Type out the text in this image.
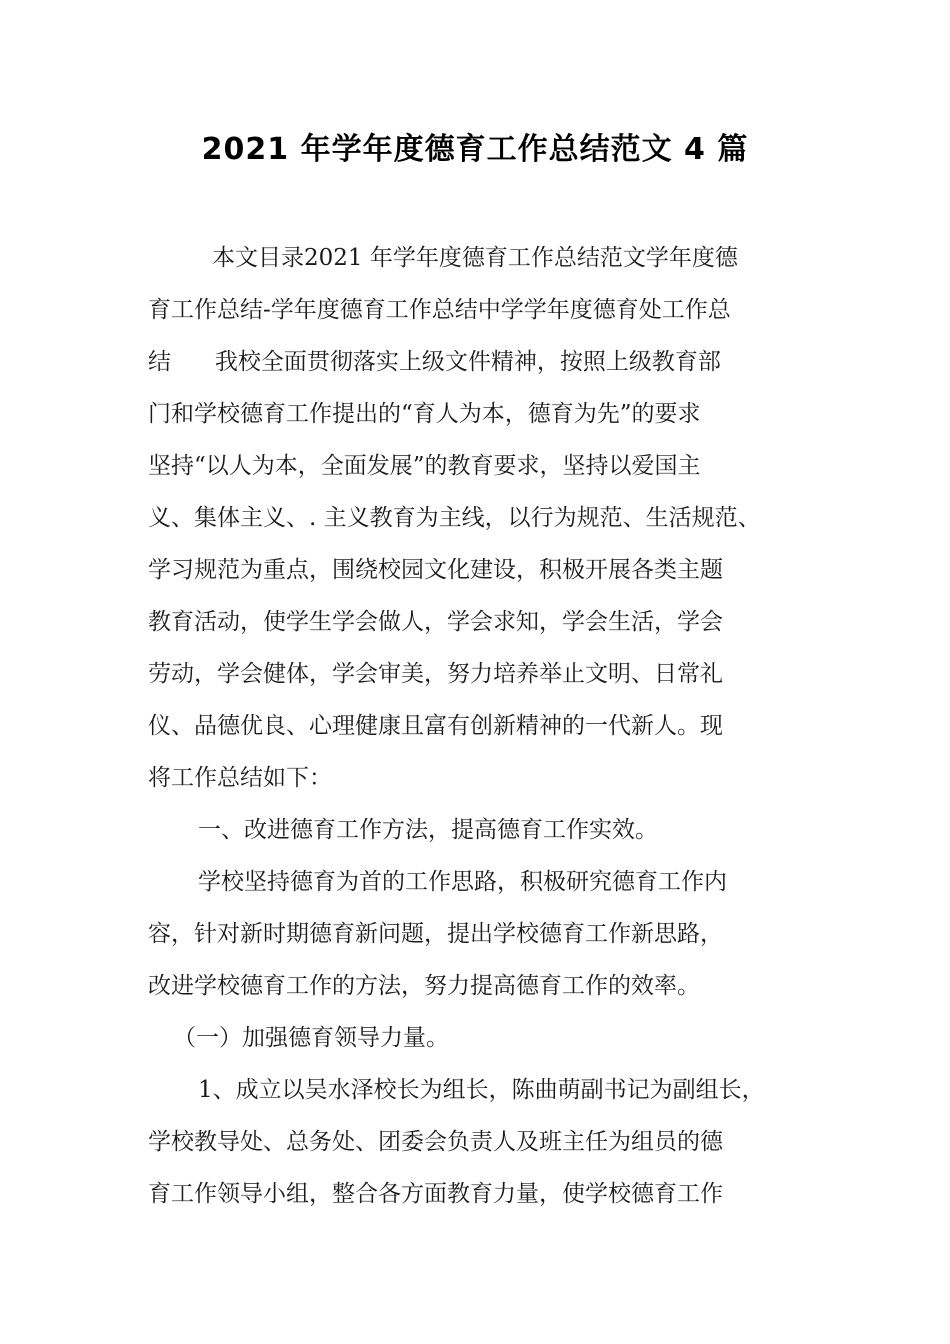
2021 年学年度德育工作总结范文 4 篇
本文目录2021 年学年度德育工作总结范文学年度德
育工作总结-学年度德育工作总结中学学年度德育处工作总
结      我校全面贯彻落实上级文件精神，按照上级教育部
门和学校德育工作提出的“育人为本，德育为先”的要求
坚持“以人为本，全面发展”的教育要求，坚持以爱国主
义、集体主义、. 主义教育为主线，以行为规范、生活规范、
学习规范为重点，围绕校园文化建设，积极开展各类主题
教育活动，使学生学会做人，学会求知，学会生活，学会
劳动，学会健体，学会审美，努力培养举止文明、日常礼
仪、品德优良、心理健康且富有创新精神的一代新人。现
将工作总结如下：
一、改进德育工作方法，提高德育工作实效。
学校坚持德育为首的工作思路，积极研究德育工作内
容，针对新时期德育新问题，提出学校德育工作新思路，
改进学校德育工作的方法，努力提高德育工作的效率。
（一）加强德育领导力量。
1、成立以吴水泽校长为组长，陈曲萌副书记为副组长，
学校教导处、总务处、团委会负责人及班主任为组员的德
育工作领导小组，整合各方面教育力量，使学校德育工作
